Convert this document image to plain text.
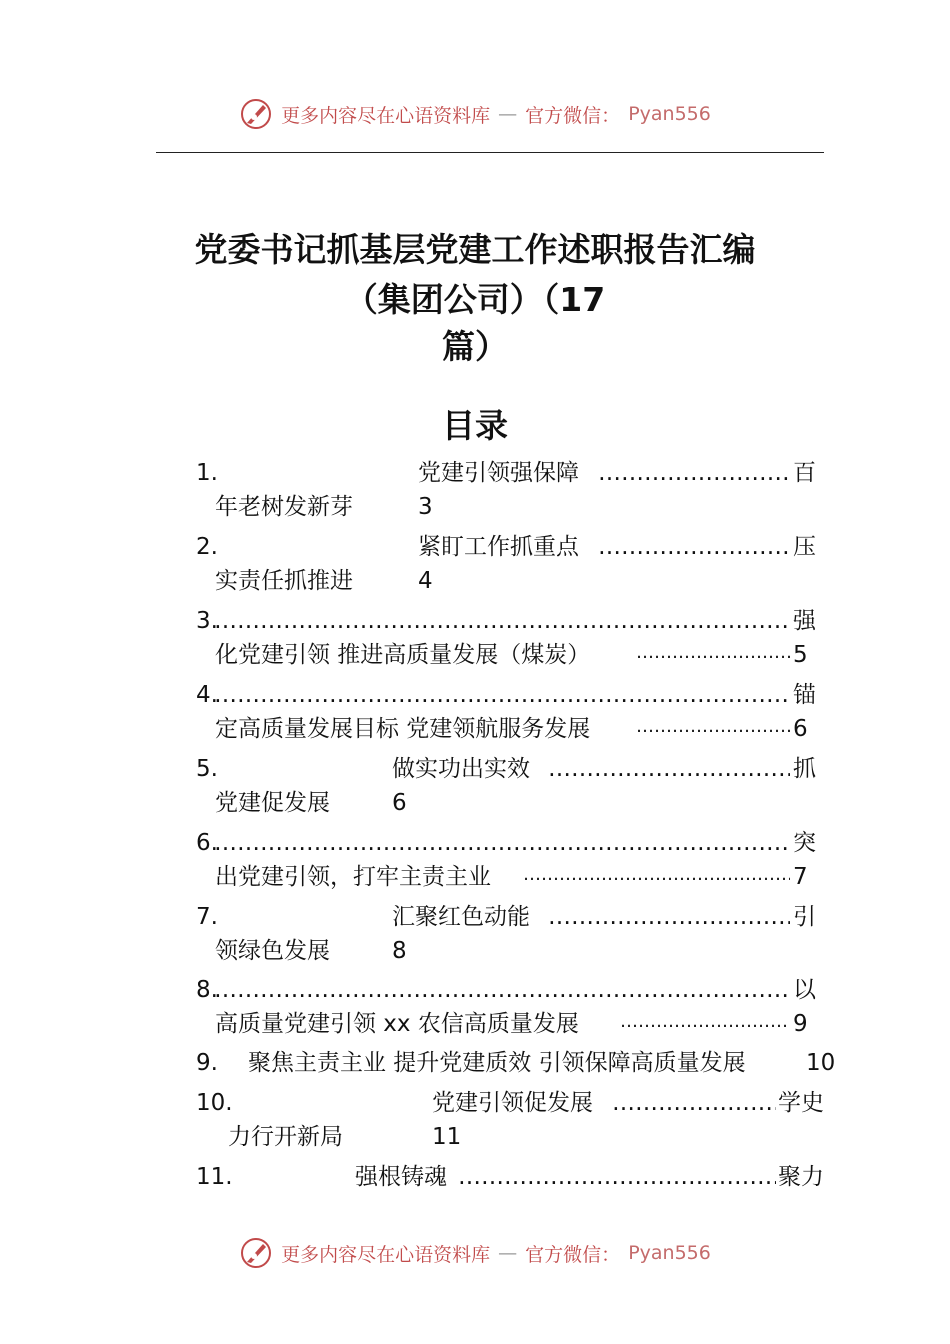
更多内容尽在心语资料库 — 官方微信： Pyan556
党委书记抓基层党建工作述职报告汇编
（集团公司）（17
篇）
目录
1.	党建引领强保障 ………………………………………………………………………………………………………………………	百
年老树发新芽	3
2.	紧盯工作抓重点 ………………………………………………………………………………………………………………………	压
实责任抓推进	4
3. ………………………………………………………………………………………………………………………	强
化党建引领 推进高质量发展（煤炭） ………………………………………………………………………………………………………………………	5
4. ………………………………………………………………………………………………………………………	锚
定高质量发展目标 党建领航服务发展 ………………………………………………………………………………………………………………………	6
5.	做实功出实效 ………………………………………………………………………………………………………………………	抓
党建促发展	6
6. ………………………………………………………………………………………………………………………	突
出党建引领，打牢主责主业 ………………………………………………………………………………………………………………………	7
7.	汇聚红色动能 ………………………………………………………………………………………………………………………	引
领绿色发展	8
8. ………………………………………………………………………………………………………………………	以
高质量党建引领 xx 农信高质量发展 ………………………………………………………………………………………………………………………	9
9. 聚焦主责主业 提升党建质效 引领保障高质量发展	10
10.	党建引领促发展 ………………………………………………………………………………………………………………………	学史
力行开新局	11
11.	强根铸魂 ………………………………………………………………………………………………………………………	聚力
更多内容尽在心语资料库 — 官方微信： Pyan556
